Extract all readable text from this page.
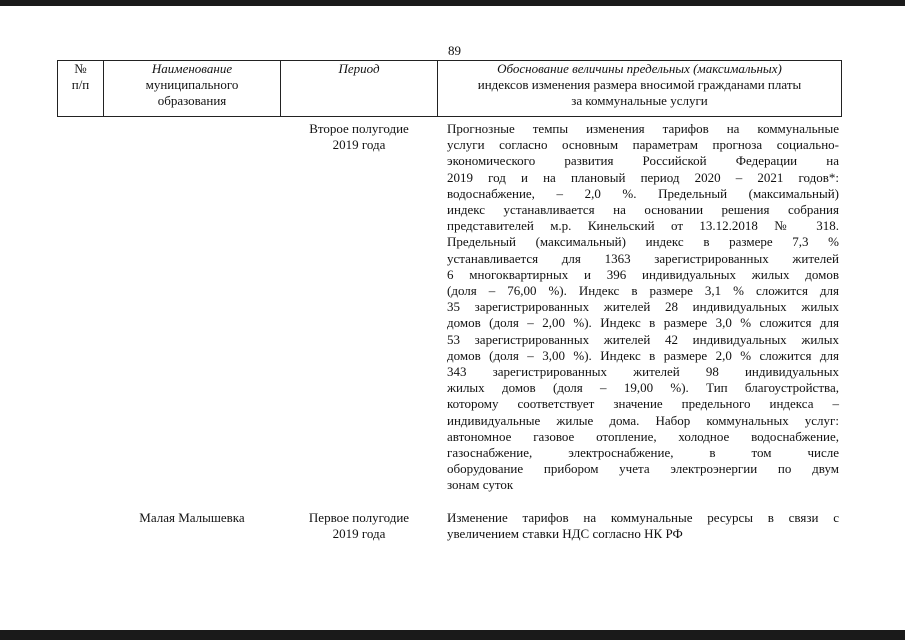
89
№
п/п
Наименование
муниципального
образования
Период	Обоснование величины предельных (максимальных)
индексов изменения размера вносимой гражданами платы
за коммунальные услуги
Второе полугодие
2019 года
Прогнозные темпы изменения тарифов на коммунальные
услуги согласно основным параметрам прогноза социально-
экономического развития Российской Федерации на
2019 год и на плановый период 2020 – 2021 годов*:
водоснабжение, – 2,0 %. Предельный (максимальный)
индекс устанавливается на основании решения собрания
представителей м.р. Кинельский от 13.12.2018 № 318.
Предельный (максимальный) индекс в размере 7,3 %
устанавливается для 1363 зарегистрированных жителей
6 многоквартирных и 396 индивидуальных жилых домов
(доля – 76,00 %). Индекс в размере 3,1 % сложится для
35 зарегистрированных жителей 28 индивидуальных жилых
домов (доля – 2,00 %). Индекс в размере 3,0 % сложится для
53 зарегистрированных жителей 42 индивидуальных жилых
домов (доля – 3,00 %). Индекс в размере 2,0 % сложится для
343 зарегистрированных жителей 98 индивидуальных
жилых домов (доля – 19,00 %). Тип благоустройства,
которому соответствует значение предельного индекса –
индивидуальные жилые дома. Набор коммунальных услуг:
автономное газовое отопление, холодное водоснабжение,
газоснабжение, электроснабжение, в том числе
оборудование прибором учета электроэнергии по двум
зонам суток
Малая Малышевка	Первое полугодие
2019 года
Изменение тарифов на коммунальные ресурсы в связи с
увеличением ставки НДС согласно НК РФ
